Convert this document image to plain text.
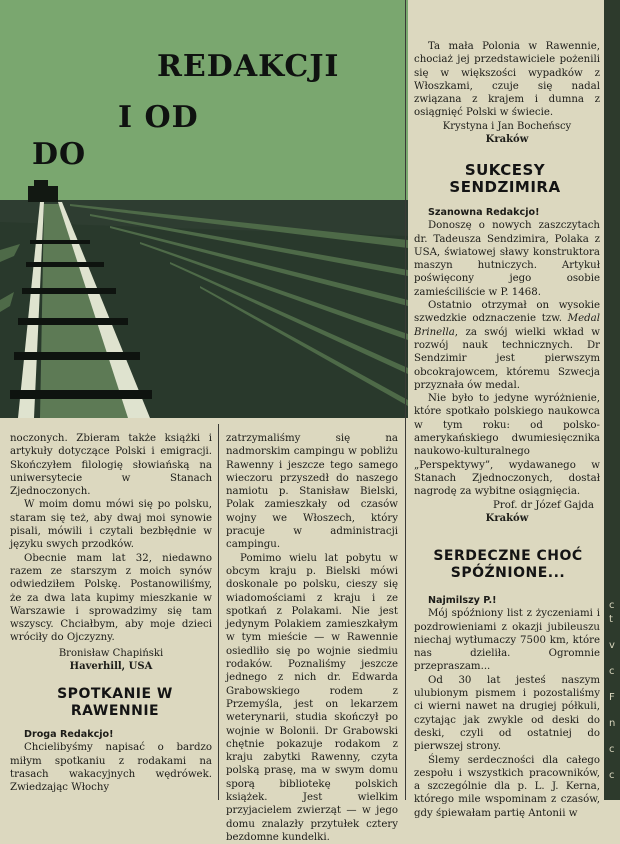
REDAKCJI
I OD
DO

noczonych. Zbieram także książki i artykuły dotyczące Polski i emigracji. Skończyłem filologię słowiańską na uniwersytecie w Stanach Zjednoczonych.

W moim domu mówi się po polsku, staram się też, aby dwaj moi synowie pisali, mówili i czytali bezbłędnie w języku swych przodków.

Obecnie mam lat 32, niedawno razem ze starszym z moich synów odwiedziłem Polskę. Postanowiliśmy, że za dwa lata kupimy mieszkanie w Warszawie i sprowadzimy się tam wszyscy. Chciałbym, aby moje dzieci wróciły do Ojczyzny.

Bronisław Chapiński

Haverhill, USA

SPOTKANIE W RAWENNIE

Droga Redakcjo!

Chcielibyśmy napisać o bardzo miłym spotkaniu z rodakami na trasach wakacyjnych wędrówek. Zwiedzając Włochy

zatrzymaliśmy się na nadmorskim campingu w pobliżu Rawenny i jeszcze tego samego wieczoru przyszedł do naszego namiotu p. Stanisław Bielski, Polak zamieszkały od czasów wojny we Włoszech, który pracuje w administracji campingu.

Pomimo wielu lat pobytu w obcym kraju p. Bielski mówi doskonale po polsku, cieszy się wiadomościami z kraju i ze spotkań z Polakami. Nie jest jedynym Polakiem zamieszkałym w tym mieście — w Rawennie osiedliło się po wojnie siedmiu rodaków. Poznaliśmy jeszcze jednego z nich dr. Edwarda Grabowskiego rodem z Przemyśla, jest on lekarzem weterynarii, studia skończył po wojnie w Bolonii. Dr Grabowski chętnie pokazuje rodakom z kraju zabytki Rawenny, czyta polską prasę, ma w swym domu sporą bibliotekę polskich książek. Jest wielkim przyjacielem zwierząt — w jego domu znalazły przytułek cztery bezdomne kundelki.

Ta mała Polonia w Rawennie, chociaż jej przedstawiciele pożenili się w większości wypadków z Włoszkami, czuje się nadal związana z krajem i dumna z osiągnięć Polski w świecie.

Krystyna i Jan Bocheńscy

Kraków

SUKCESY SENDZIMIRA

Szanowna Redakcjo!

Donoszę o nowych zaszczytach dr. Tadeusza Sendzimira, Polaka z USA, światowej sławy konstruktora maszyn hutniczych. Artykuł poświęcony jego osobie zamieściliście w P. 1468.

Ostatnio otrzymał on wysokie szwedzkie odznaczenie tzw. Medal Brinella, za swój wielki wkład w rozwój nauk technicznych. Dr Sendzimir jest pierwszym obcokrajowcem, któremu Szwecja przyznała ów medal.

Nie było to jedyne wyróżnienie, które spotkało polskiego naukowca w tym roku: od polsko-amerykańskiego dwumiesięcznika naukowo-kulturalnego „Perspektywy”, wydawanego w Stanach Zjednoczonych, dostał nagrodę za wybitne osiągnięcia.

Prof. dr Józef Gajda

Kraków

SERDECZNE CHOĆ SPÓŹNIONE...

Najmilszy P.!

Mój spóźniony list z życzeniami i pozdrowieniami z okazji jubileuszu niechaj wytłumaczy 7500 km, które nas dzieliła. Ogromnie przepraszam...

Od 30 lat jesteś naszym ulubionym pismem i pozostaliśmy ci wierni nawet na drugiej półkuli, czytając jak zwykle od deski do deski, czyli od ostatniej do pierwszej strony.

Ślemy serdeczności dla całego zespołu i wszystkich pracowników, a szczególnie dla p. L. J. Kerna, którego mile wspominam z czasów, gdy śpiewałam partię Antonii w

c
t
v
c
F
n
c
c
